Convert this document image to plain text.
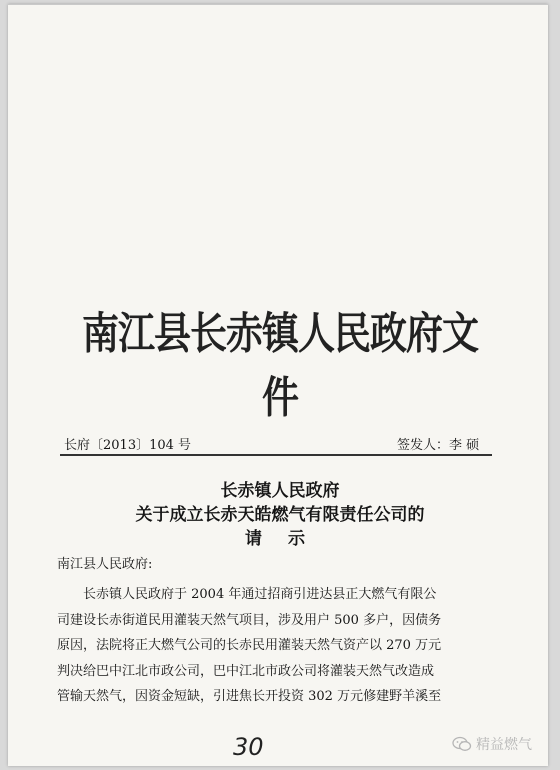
南江县长赤镇人民政府文件
长府〔2013〕104 号	签发人：李 硕
长赤镇人民政府
关于成立长赤天皓燃气有限责任公司的
请 示
南江县人民政府:
长赤镇人民政府于 2004 年通过招商引进达县正大燃气有限公
司建设长赤街道民用灌装天然气项目，涉及用户 500 多户，因债务
原因，法院将正大燃气公司的长赤民用灌装天然气资产以 270 万元
判决给巴中江北市政公司，巴中江北市政公司将灌装天然气改造成
管输天然气，因资金短缺，引进焦长开投资 302 万元修建野羊溪至
30	精益燃气
